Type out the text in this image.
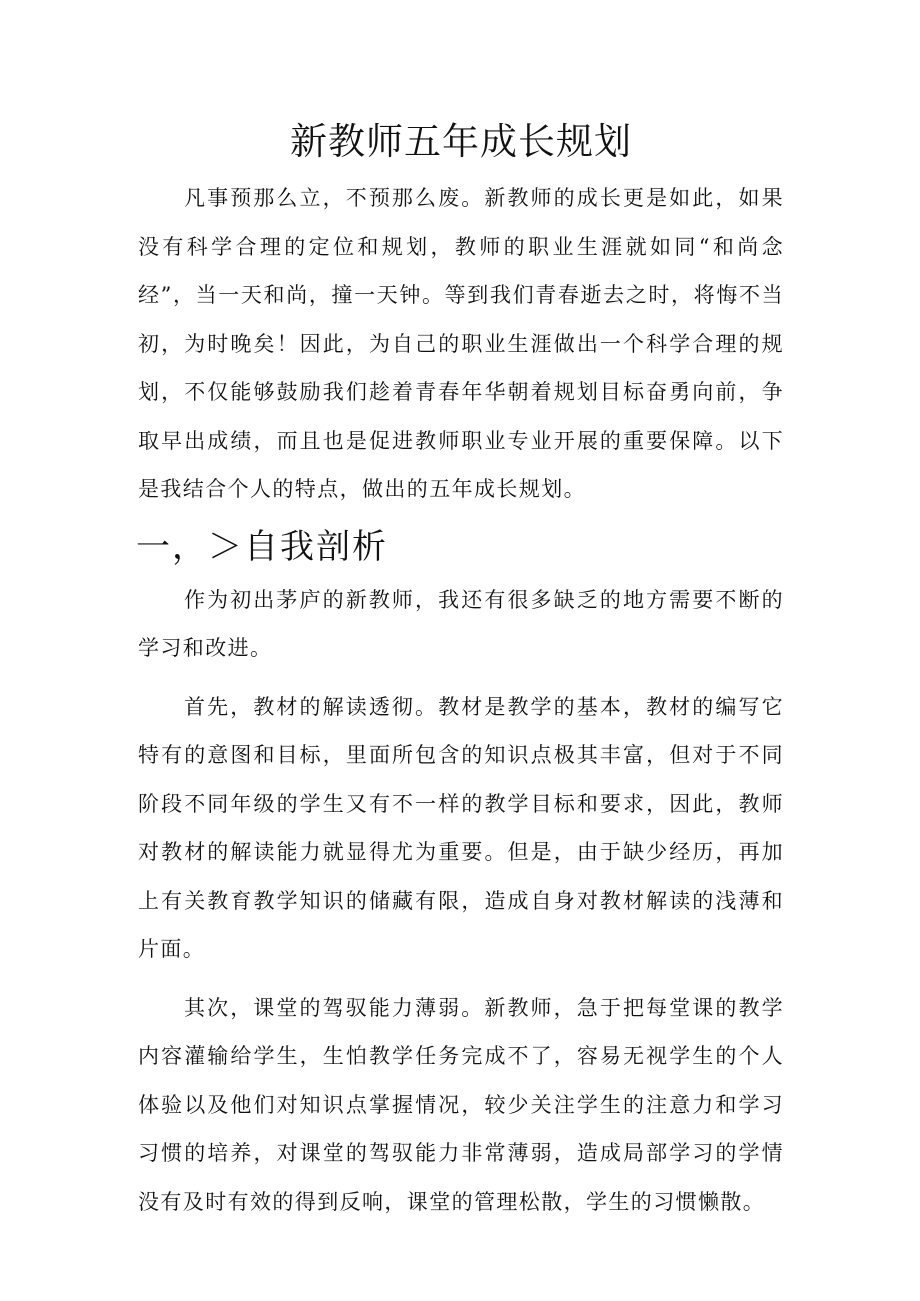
新教师五年成长规划

凡事预那么立，不预那么废。新教师的成长更是如此，如果没有科学合理的定位和规划，教师的职业生涯就如同“和尚念经”，当一天和尚，撞一天钟。等到我们青春逝去之时，将悔不当初，为时晚矣！因此，为自己的职业生涯做出一个科学合理的规划，不仅能够鼓励我们趁着青春年华朝着规划目标奋勇向前，争取早出成绩，而且也是促进教师职业专业开展的重要保障。以下是我结合个人的特点，做出的五年成长规划。

一，＞自我剖析

作为初出茅庐的新教师，我还有很多缺乏的地方需要不断的学习和改进。

首先，教材的解读透彻。教材是教学的基本，教材的编写它特有的意图和目标，里面所包含的知识点极其丰富，但对于不同阶段不同年级的学生又有不一样的教学目标和要求，因此，教师对教材的解读能力就显得尤为重要。但是，由于缺少经历，再加上有关教育教学知识的储藏有限，造成自身对教材解读的浅薄和片面。

其次，课堂的驾驭能力薄弱。新教师，急于把每堂课的教学内容灌输给学生，生怕教学任务完成不了，容易无视学生的个人体验以及他们对知识点掌握情况，较少关注学生的注意力和学习习惯的培养，对课堂的驾驭能力非常薄弱，造成局部学习的学情没有及时有效的得到反响，课堂的管理松散，学生的习惯懒散。
